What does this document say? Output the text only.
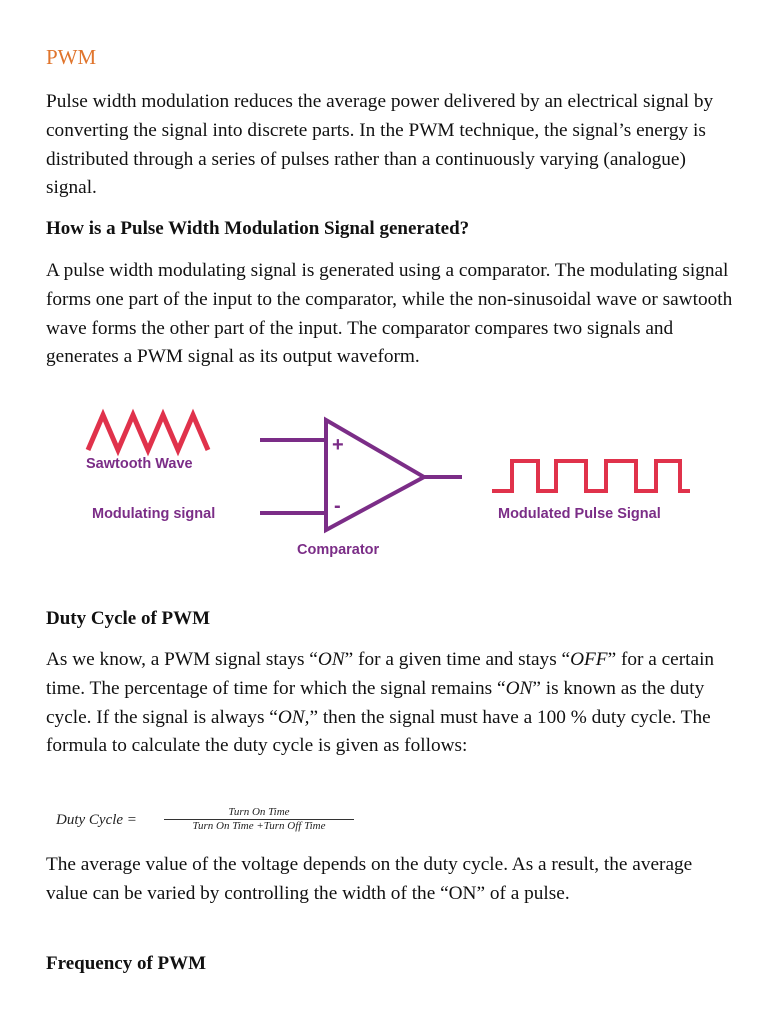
PWM

Pulse width modulation reduces the average power delivered by an electrical signal by converting the signal into discrete parts. In the PWM technique, the signal’s energy is distributed through a series of pulses rather than a continuously varying (analogue) signal.

How is a Pulse Width Modulation Signal generated?

A pulse width modulating signal is generated using a comparator. The modulating signal forms one part of the input to the comparator, while the non-sinusoidal wave or sawtooth wave forms the other part of the input. The comparator compares two signals and generates a PWM signal as its output waveform.

+
-
Sawtooth Wave
Modulating signal
Comparator
Modulated Pulse Signal
Duty Cycle of PWM

As we know, a PWM signal stays “ON” for a given time and stays “OFF” for a certain time. The percentage of time for which the signal remains “ON” is known as the duty cycle. If the signal is always “ON,” then the signal must have a 100 % duty cycle. The formula to calculate the duty cycle is given as follows:

Duty Cycle =	Turn On Time
Turn On Time +Turn Off Time

The average value of the voltage depends on the duty cycle. As a result, the average value can be varied by controlling the width of the “ON” of a pulse.

Frequency of PWM
